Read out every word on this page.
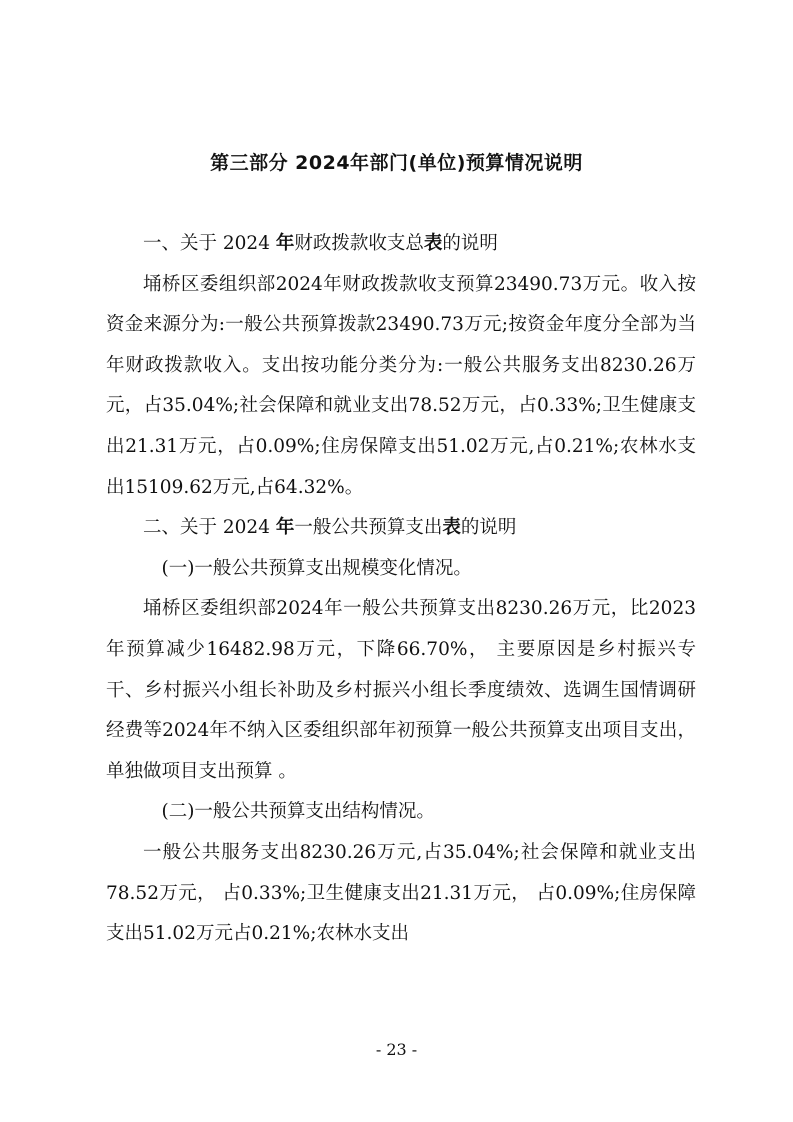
第三部分 2024年部门(单位)预算情况说明

一、关于 2024 年财政拨款收支总表的说明

埇桥区委组织部2024年财政拨款收支预算23490.73万元。收入按资金来源分为:一般公共预算拨款23490.73万元;按资金年度分全部为当年财政拨款收入。支出按功能分类分为:一般公共服务支出8230.26万元，占35.04%;社会保障和就业支出78.52万元，占0.33%;卫生健康支出21.31万元，占0.09%;住房保障支出51.02万元,占0.21%;农林水支出15109.62万元,占64.32%。

二、关于 2024 年一般公共预算支出表的说明

(一)一般公共预算支出规模变化情况。

埇桥区委组织部2024年一般公共预算支出8230.26万元，比2023年预算减少16482.98万元，下降66.70%， 主要原因是乡村振兴专干、乡村振兴小组长补助及乡村振兴小组长季度绩效、选调生国情调研经费等2024年不纳入区委组织部年初预算一般公共预算支出项目支出，单独做项目支出预算 。

(二)一般公共预算支出结构情况。

一般公共服务支出8230.26万元,占35.04%;社会保障和就业支出78.52万元， 占0.33%;卫生健康支出21.31万元， 占0.09%;住房保障支出51.02万元占0.21%;农林水支出

- 23 -
